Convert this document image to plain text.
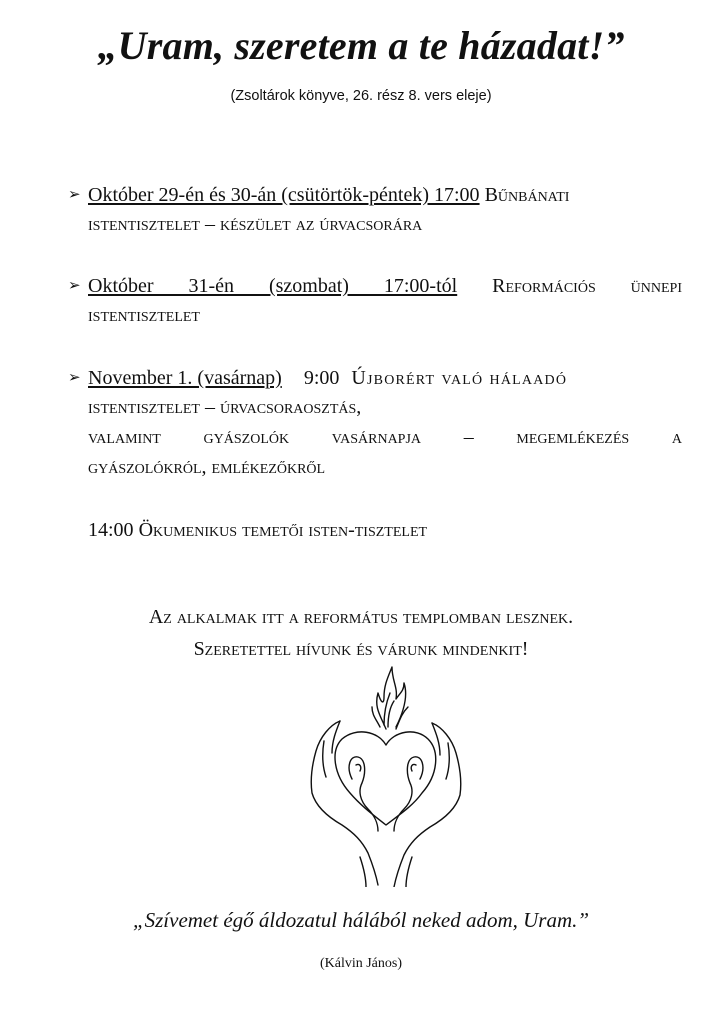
„Uram, szeretem a te házadat!”
(Zsoltárok könyve, 26. rész 8. vers eleje)
➢ Október 29-én és 30-án (csütörtök-péntek) 17:00 Bűnbánati
istentisztelet – készület az úrvacsorára
➢ Október 31-én (szombat) 17:00-tól Reformációs ünnepi
istentisztelet
➢ November 1. (vasárnap) 9:00 Újborért való hálaadó
istentisztelet – úrvacsoraosztás,
valamint gyászolók vasárnapja – megemlékezés a
gyászolókról, emlékezőkről
14:00 Ökumenikus temetői isten-tisztelet
Az alkalmak itt a református templomban lesznek.
Szeretettel hívunk és várunk mindenkit!
„Szívemet égő áldozatul hálából neked adom, Uram.”
(Kálvin János)
